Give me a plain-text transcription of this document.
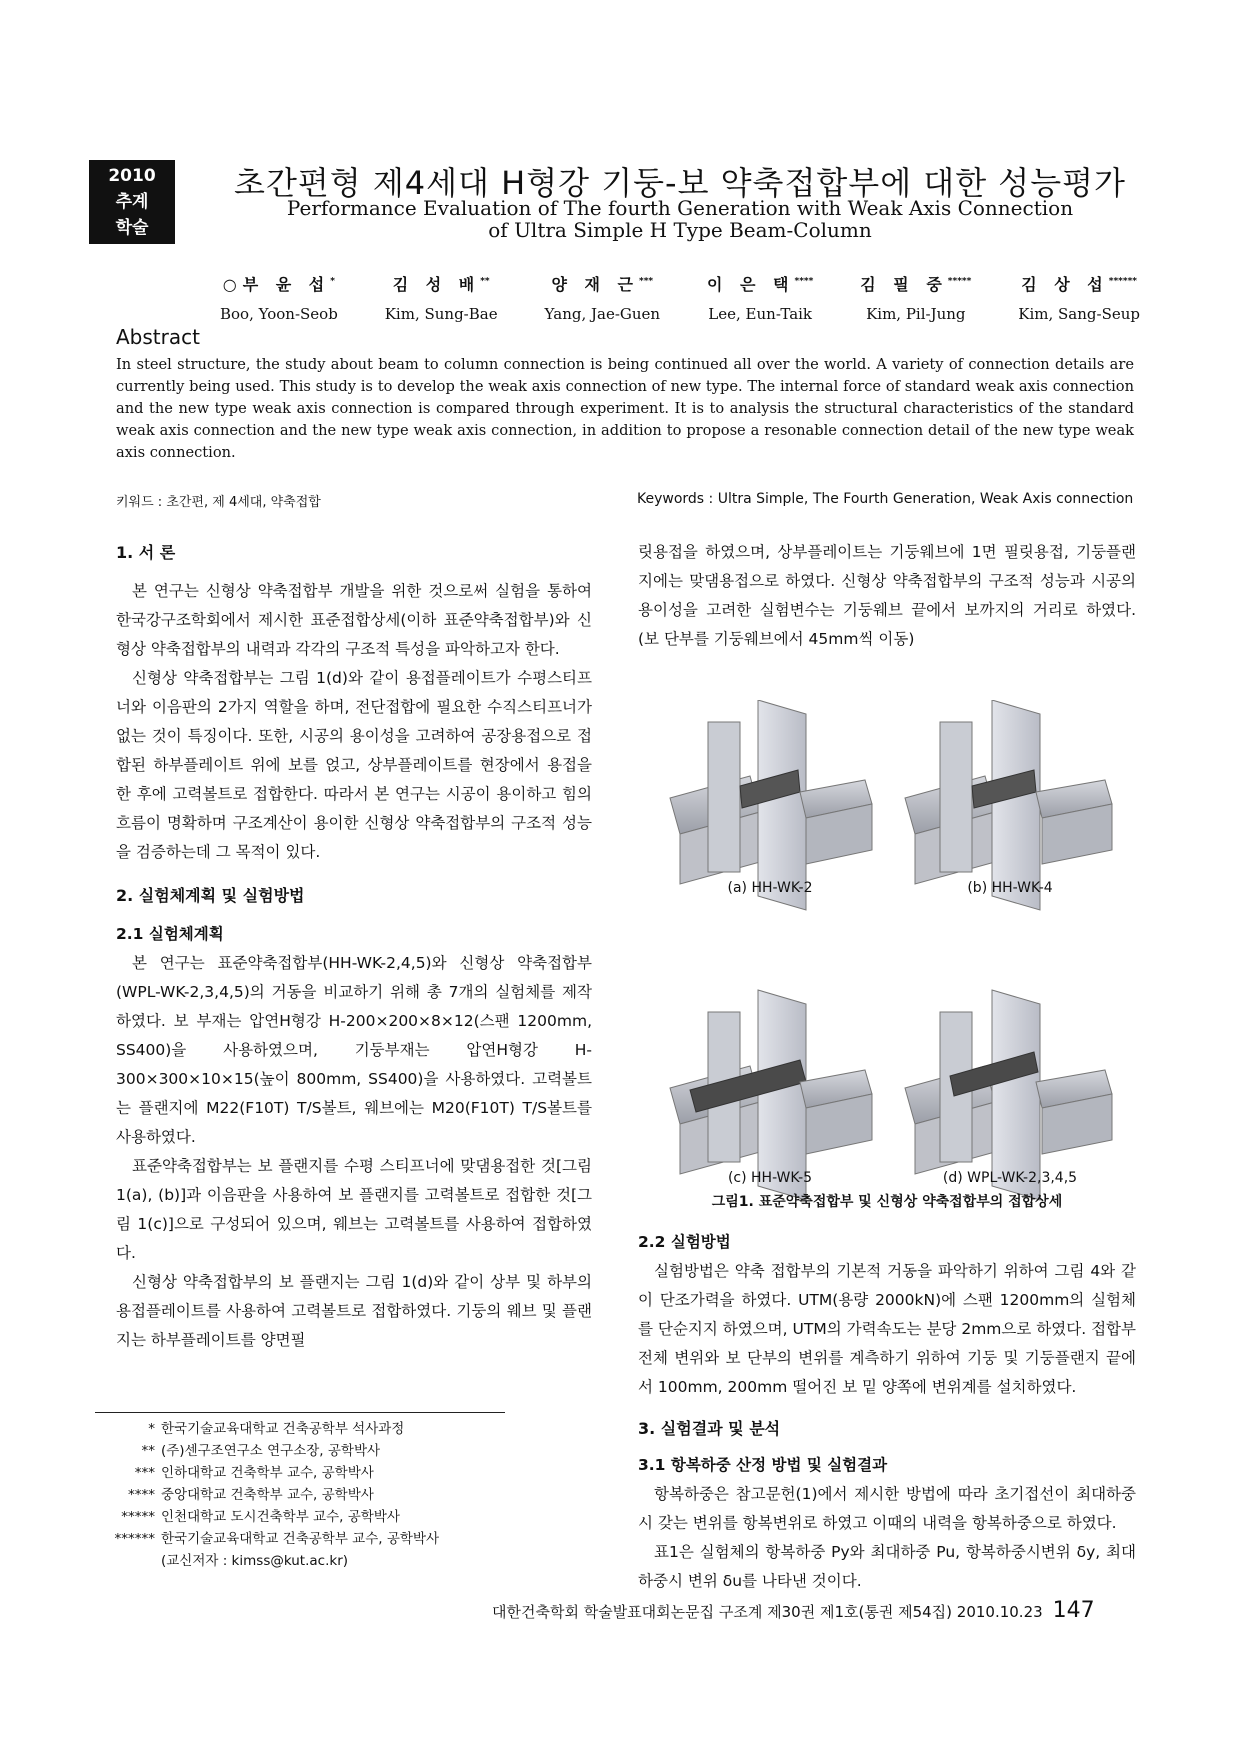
2010
추계
학술
초간편형 제4세대 H형강 기둥-보 약축접합부에 대한 성능평가
Performance Evaluation of The fourth Generation with Weak Axis Connection
of Ultra Simple H Type Beam-Column
○부 윤 섭*
Boo, Yoon-Seob
김 성 배**
Kim, Sung-Bae
양 재 근***
Yang, Jae-Guen
이 은 택****
Lee, Eun-Taik
김 필 중*****
Kim, Pil-Jung
김 상 섭******
Kim, Sang-Seup
Abstract
In steel structure, the study about beam to column connection is being continued all over the world. A variety of connection details are currently being used. This study is to develop the weak axis connection of new type. The internal force of standard weak axis connection and the new type weak axis connection is compared through experiment. It is to analysis the structural characteristics of the standard weak axis connection and the new type weak axis connection, in addition to propose a resonable connection detail of the new type weak axis connection.
키워드 : 초간편, 제 4세대, 약축접합	Keywords : Ultra Simple, The Fourth Generation, Weak Axis connection
1. 서 론

본 연구는 신형상 약축접합부 개발을 위한 것으로써 실험을 통하여 한국강구조학회에서 제시한 표준접합상세(이하 표준약축접합부)와 신형상 약축접합부의 내력과 각각의 구조적 특성을 파악하고자 한다.

신형상 약축접합부는 그림 1(d)와 같이 용접플레이트가 수평스티프너와 이음판의 2가지 역할을 하며, 전단접합에 필요한 수직스티프너가 없는 것이 특징이다. 또한, 시공의 용이성을 고려하여 공장용접으로 접합된 하부플레이트 위에 보를 얹고, 상부플레이트를 현장에서 용접을 한 후에 고력볼트로 접합한다. 따라서 본 연구는 시공이 용이하고 힘의 흐름이 명확하며 구조계산이 용이한 신형상 약축접합부의 구조적 성능을 검증하는데 그 목적이 있다.

2. 실험체계획 및 실험방법
2.1 실험체계획

본 연구는 표준약축접합부(HH-WK-2,4,5)와 신형상 약축접합부(WPL-WK-2,3,4,5)의 거동을 비교하기 위해 총 7개의 실험체를 제작하였다. 보 부재는 압연H형강 H-200×200×8×12(스팬 1200mm, SS400)을 사용하였으며, 기둥부재는 압연H형강 H-300×300×10×15(높이 800mm, SS400)을 사용하였다. 고력볼트는 플랜지에 M22(F10T) T/S볼트, 웨브에는 M20(F10T) T/S볼트를 사용하였다.

표준약축접합부는 보 플랜지를 수평 스티프너에 맞댐용접한 것[그림 1(a), (b)]과 이음판을 사용하여 보 플랜지를 고력볼트로 접합한 것[그림 1(c)]으로 구성되어 있으며, 웨브는 고력볼트를 사용하여 접합하였다.

신형상 약축접합부의 보 플랜지는 그림 1(d)와 같이 상부 및 하부의 용접플레이트를 사용하여 고력볼트로 접합하였다. 기둥의 웨브 및 플랜지는 하부플레이트를 양면필

* 한국기술교육대학교 건축공학부 석사과정
** (주)센구조연구소 연구소장, 공학박사
*** 인하대학교 건축학부 교수, 공학박사
**** 중앙대학교 건축학부 교수, 공학박사
***** 인천대학교 도시건축학부 교수, 공학박사
****** 한국기술교육대학교 건축공학부 교수, 공학박사
(교신저자 : kimss@kut.ac.kr)

릿용접을 하였으며, 상부플레이트는 기둥웨브에 1면 필릿용접, 기둥플랜지에는 맞댐용접으로 하였다. 신형상 약축접합부의 구조적 성능과 시공의 용이성을 고려한 실험변수는 기둥웨브 끝에서 보까지의 거리로 하였다. (보 단부를 기둥웨브에서 45mm씩 이동)

(a) HH-WK-2	(b) HH-WK-4
(c) HH-WK-5	(d) WPL-WK-2,3,4,5
그림1. 표준약축접합부 및 신형상 약축접합부의 접합상세
2.2 실험방법

실험방법은 약축 접합부의 기본적 거동을 파악하기 위하여 그림 4와 같이 단조가력을 하였다. UTM(용량 2000kN)에 스팬 1200mm의 실험체를 단순지지 하였으며, UTM의 가력속도는 분당 2mm으로 하였다. 접합부 전체 변위와 보 단부의 변위를 계측하기 위하여 기둥 및 기둥플랜지 끝에서 100mm, 200mm 떨어진 보 밑 양쪽에 변위계를 설치하였다.

3. 실험결과 및 분석
3.1 항복하중 산정 방법 및 실험결과

항복하중은 참고문헌(1)에서 제시한 방법에 따라 초기접선이 최대하중시 갖는 변위를 항복변위로 하였고 이때의 내력을 항복하중으로 하였다.

표1은 실험체의 항복하중 Py와 최대하중 Pu, 항복하중시변위 δy, 최대하중시 변위 δu를 나타낸 것이다.

대한건축학회 학술발표대회논문집 구조계 제30권 제1호(통권 제54집) 2010.10.23 147
